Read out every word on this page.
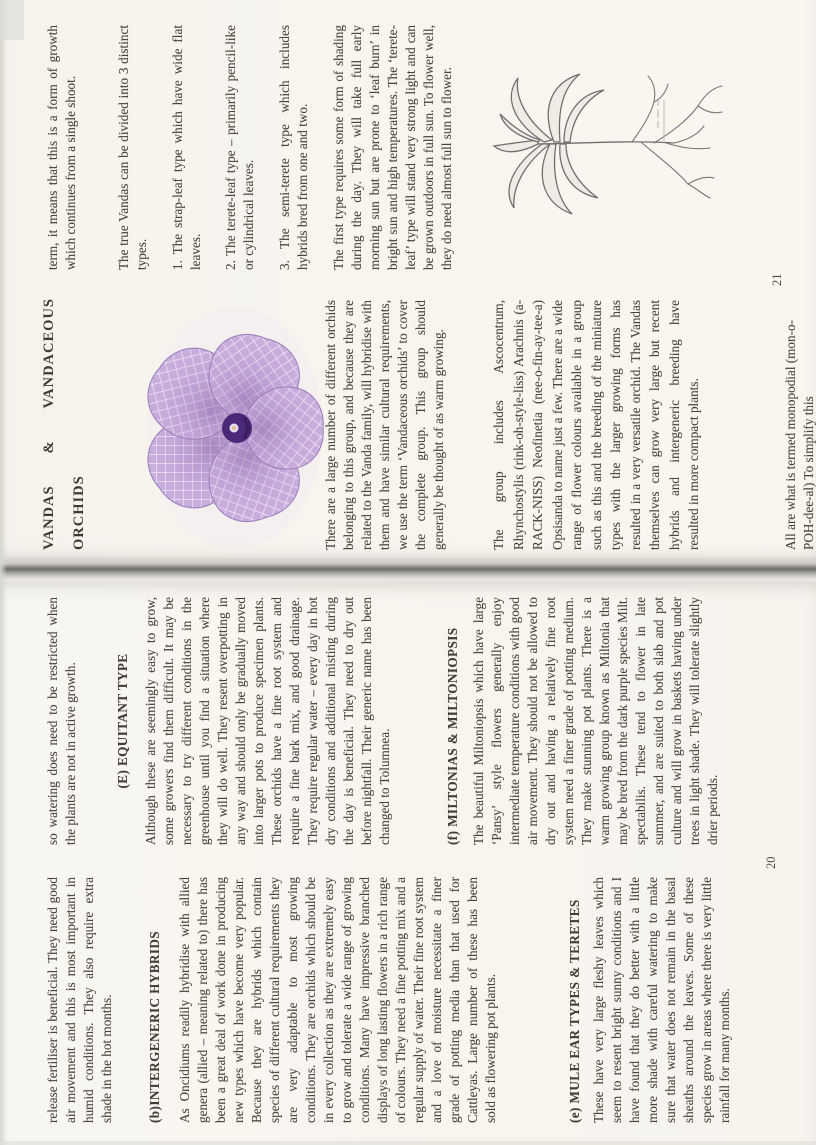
VANDAS
&
VANDACEOUS
ORCHIDS	There are a large number of different orchids belonging to this group, and because they are related to the Vanda family, will hybridise with them and have similar cultural requirements, we use the term ‘Vandaceous orchids’ to cover the complete group. This group should generally be thought of as warm growing.	The group includes Ascocentrum, Rhynchostylis (rink-oh-style-liss) Arachnis (a-RACK-NISS) Neofinetia (nee-o-fin-ay-tee-a) Opsisanda to name just a few. There are a wide range of flower colours available in a group such as this and the breeding of the miniature types with the larger growing forms has resulted in a very versatile orchid. The Vandas themselves can grow very large but recent hybrids and intergeneric breeding have resulted in more compact plants.	All are what is termed monopodial (mon-o-POH-dee-al) To simplify this

term, it means that this is a form of growth which continues from a single shoot.	The true Vandas can be divided into 3 distinct types. 1. The strap-leaf type which have wide flat leaves. 2. The terete-leaf type – primarily pencil-like or cylindrical leaves. 3. The semi-terete type which includes hybrids bred from one and two. The first type requires some form of shading during the day. They will take full early morning sun but are prone to ‘leaf burn’ in bright sun and high temperatures. The ‘terete-leaf’ type will stand very strong light and can be grown outdoors in full sun. To flower well, they do need almost full sun to flower.

21

release fertiliser is beneficial. They need good air movement and this is most important in humid conditions. They also require extra shade in the hot months.	(b)INTERGENERIC HYBRIDS As Oncidiums readily hybridise with allied genera (allied – meaning related to) there has been a great deal of work done in producing new types which have become very popular. Because they are hybrids which contain species of different cultural requirements they are very adaptable to most growing conditions. They are orchids which should be in every collection as they are extremely easy to grow and tolerate a wide range of growing conditions. Many have impressive branched displays of long lasting flowers in a rich range of colours. They need a fine potting mix and a regular supply of water. Their fine root system and a love of moisture necessitate a finer grade of potting media than that used for Cattleyas. Large number of these has been sold as flowering pot plants.	(e) MULE EAR TYPES & TERETES These have very large fleshy leaves which seem to resent bright sunny conditions and I have found that they do better with a little more shade with careful watering to make sure that water does not remain in the basal sheaths around the leaves. Some of these species grow in areas where there is very little rainfall for many months.

so watering does need to be restricted when the plants are not in active growth.	(E) EQUITANT TYPE Although these are seemingly easy to grow, some growers find them difficult. It may be necessary to try different conditions in the greenhouse until you find a situation where they will do well. They resent overpotting in any way and should only be gradually moved into larger pots to produce specimen plants. These orchids have a fine root system and require a fine bark mix, and good drainage. They require regular water – every day in hot dry conditions and additional misting during the day is beneficial. They need to dry out before nightfall. Their generic name has been changed to Tolumnea.	(f) MILTONIAS & MILTONIOPSIS The beautiful Miltoniopsis which have large ‘Pansy’ style flowers generally enjoy intermediate temperature conditions with good air movement. They should not be allowed to dry out and having a relatively fine root system need a finer grade of potting medium. They make stunning pot plants. There is a warm growing group known as Miltonia that may be bred from the dark purple species Milt. spectabilis. These tend to flower in late summer, and are suited to both slab and pot culture and will grow in baskets having under trees in light shade. They will tolerate slightly drier periods.

20
